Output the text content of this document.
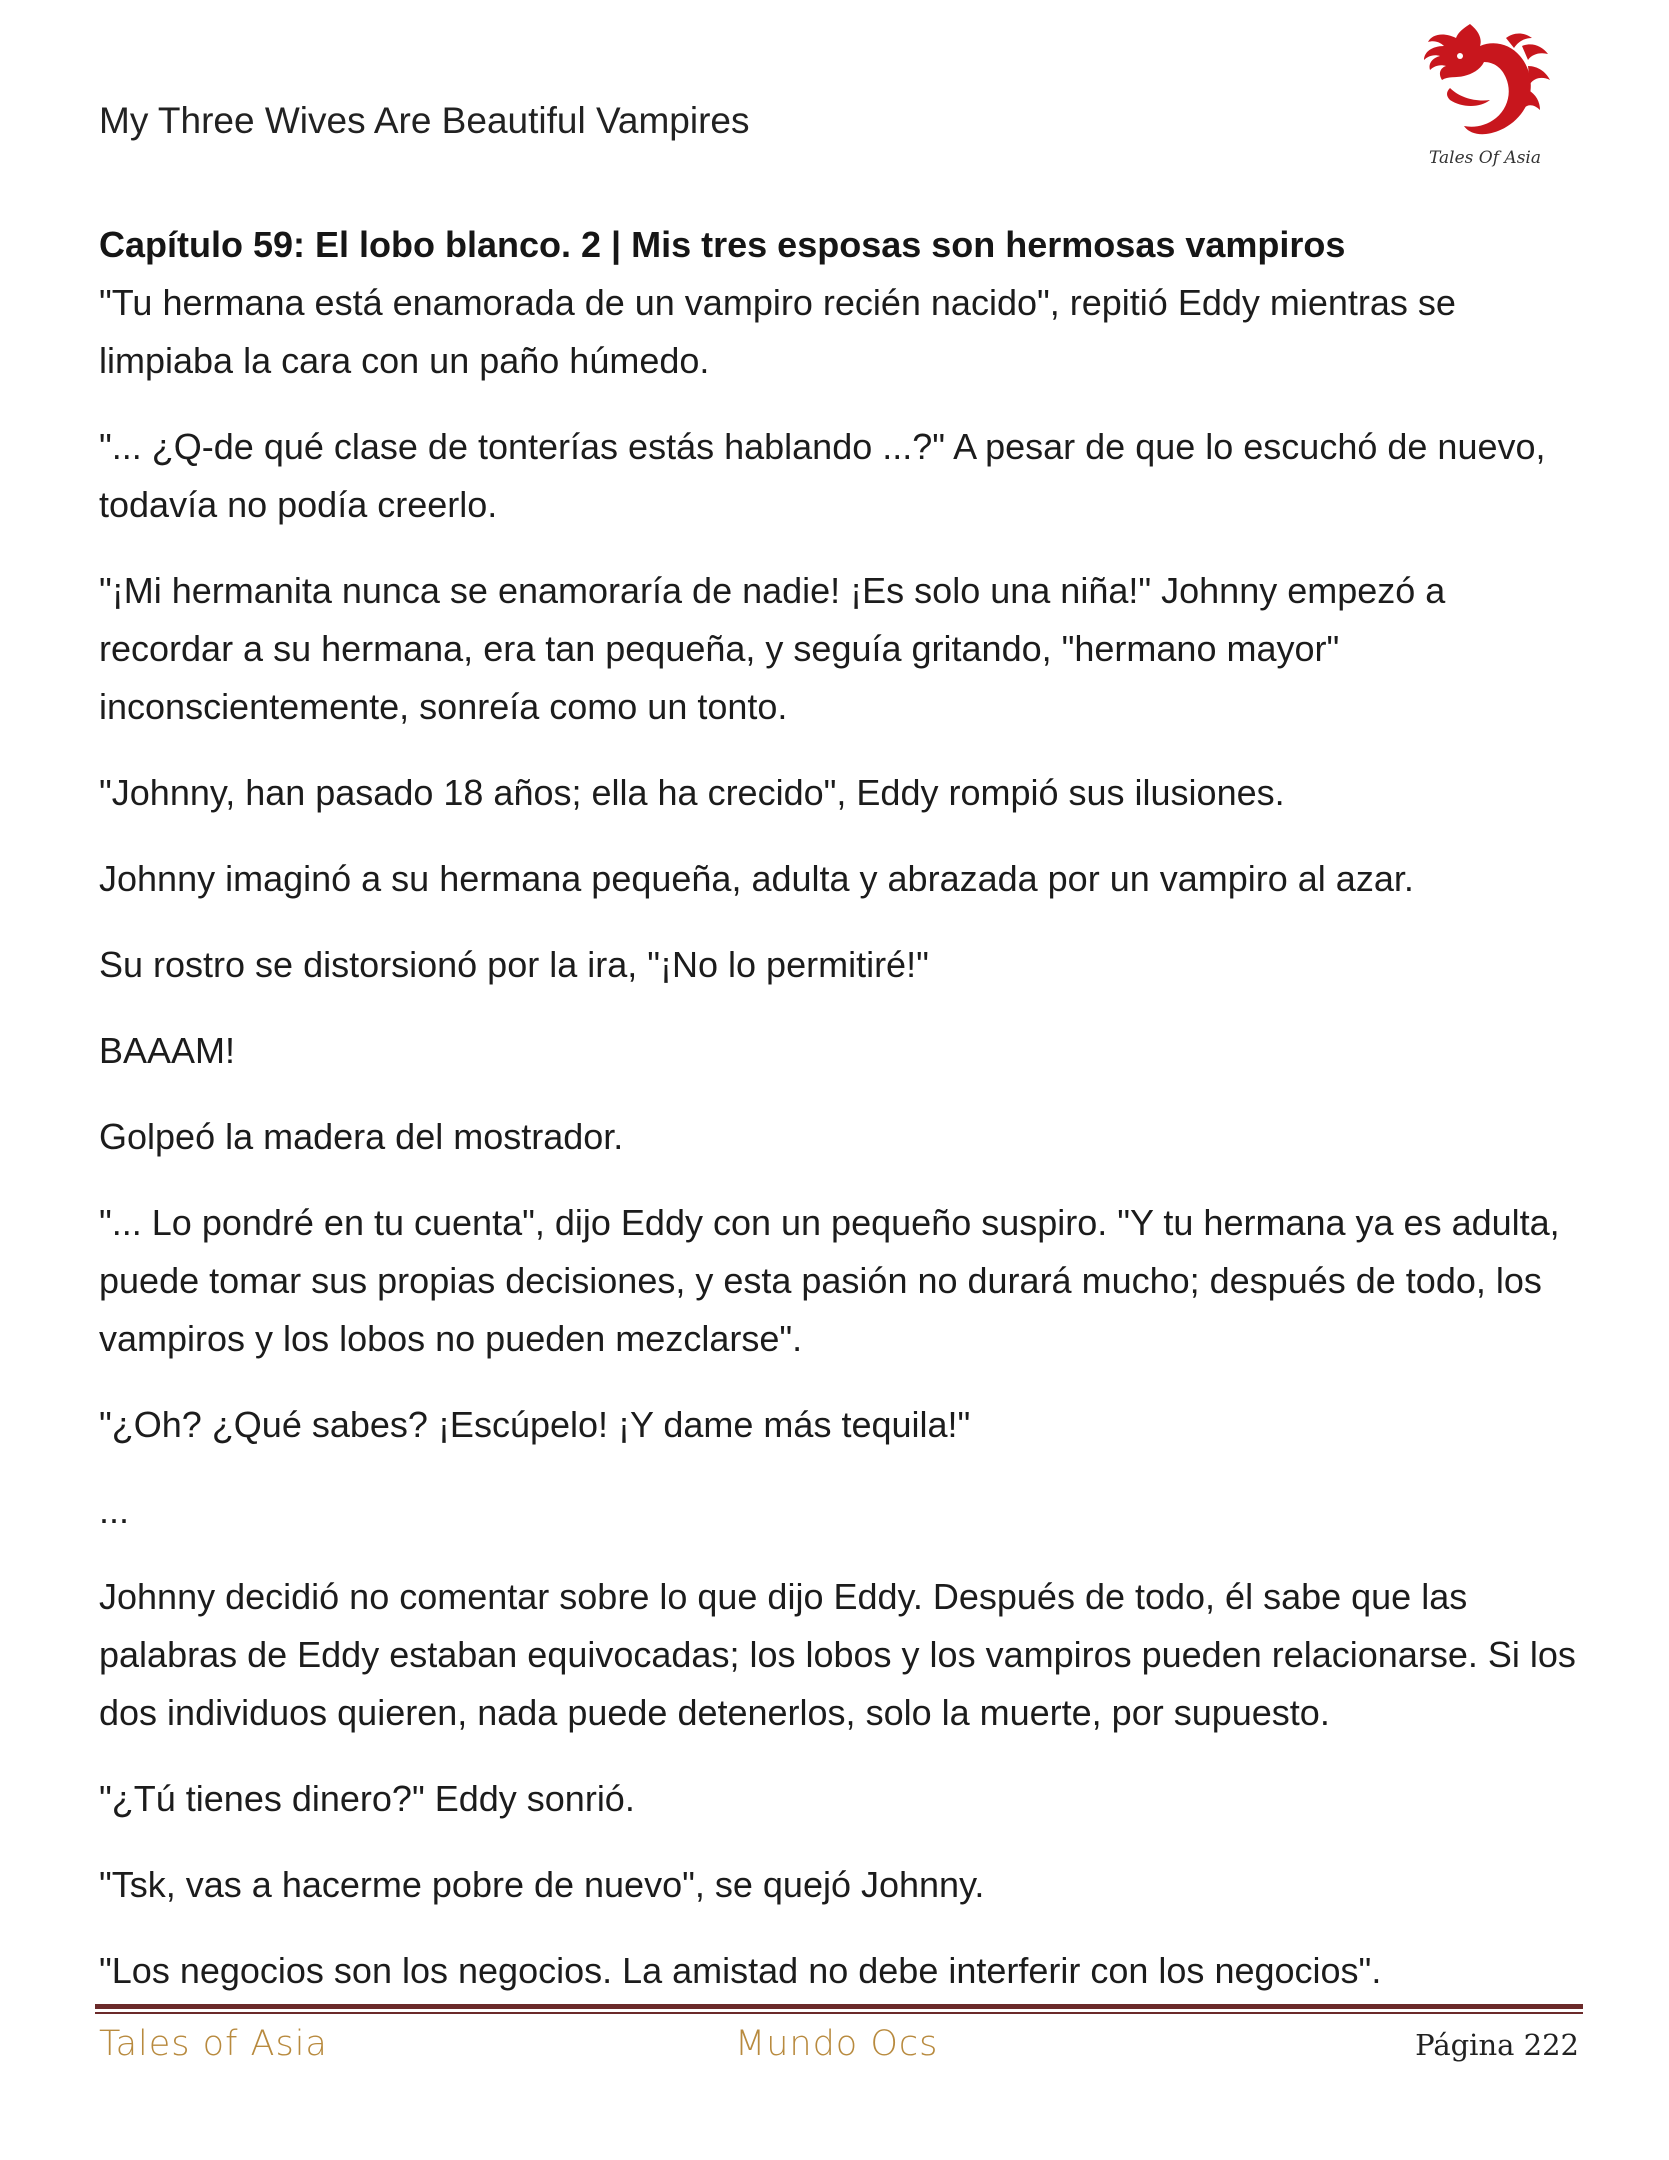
My Three Wives Are Beautiful Vampires
Tales Of Asia
Capítulo 59: El lobo blanco. 2 | Mis tres esposas son hermosas vampiros

"Tu hermana está enamorada de un vampiro recién nacido", repitió Eddy mientras se limpiaba la cara con un paño húmedo.

"... ¿Q-de qué clase de tonterías estás hablando ...?" A pesar de que lo escuchó de nuevo, todavía no podía creerlo.

"¡Mi hermanita nunca se enamoraría de nadie! ¡Es solo una niña!" Johnny empezó a recordar a su hermana, era tan pequeña, y seguía gritando, "hermano mayor" inconscientemente, sonreía como un tonto.

"Johnny, han pasado 18 años; ella ha crecido", Eddy rompió sus ilusiones.

Johnny imaginó a su hermana pequeña, adulta y abrazada por un vampiro al azar.

Su rostro se distorsionó por la ira, "¡No lo permitiré!"

BAAAM!

Golpeó la madera del mostrador.

"... Lo pondré en tu cuenta", dijo Eddy con un pequeño suspiro. "Y tu hermana ya es adulta, puede tomar sus propias decisiones, y esta pasión no durará mucho; después de todo, los vampiros y los lobos no pueden mezclarse".

"¿Oh? ¿Qué sabes? ¡Escúpelo! ¡Y dame más tequila!"

...

Johnny decidió no comentar sobre lo que dijo Eddy. Después de todo, él sabe que las palabras de Eddy estaban equivocadas; los lobos y los vampiros pueden relacionarse. Si los dos individuos quieren, nada puede detenerlos, solo la muerte, por supuesto.

"¿Tú tienes dinero?" Eddy sonrió.

"Tsk, vas a hacerme pobre de nuevo", se quejó Johnny.

"Los negocios son los negocios. La amistad no debe interferir con los negocios".

Tales of Asia	Mundo Ocs	Página 222
